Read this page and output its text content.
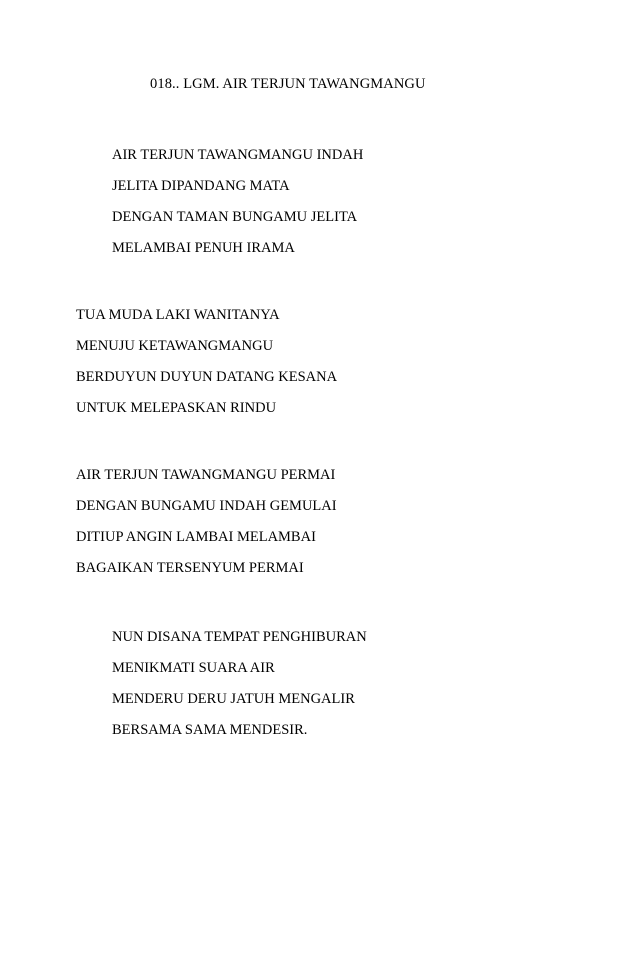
018.. LGM. AIR TERJUN TAWANGMANGU
AIR TERJUN TAWANGMANGU INDAH
JELITA DIPANDANG MATA
DENGAN TAMAN BUNGAMU JELITA
MELAMBAI PENUH IRAMA
TUA MUDA LAKI WANITANYA
MENUJU KETAWANGMANGU
BERDUYUN DUYUN DATANG KESANA
UNTUK MELEPASKAN RINDU
AIR TERJUN TAWANGMANGU PERMAI
DENGAN BUNGAMU INDAH GEMULAI
DITIUP ANGIN LAMBAI MELAMBAI
BAGAIKAN TERSENYUM PERMAI
NUN DISANA TEMPAT PENGHIBURAN
MENIKMATI SUARA AIR
MENDERU DERU JATUH MENGALIR
BERSAMA SAMA MENDESIR.
